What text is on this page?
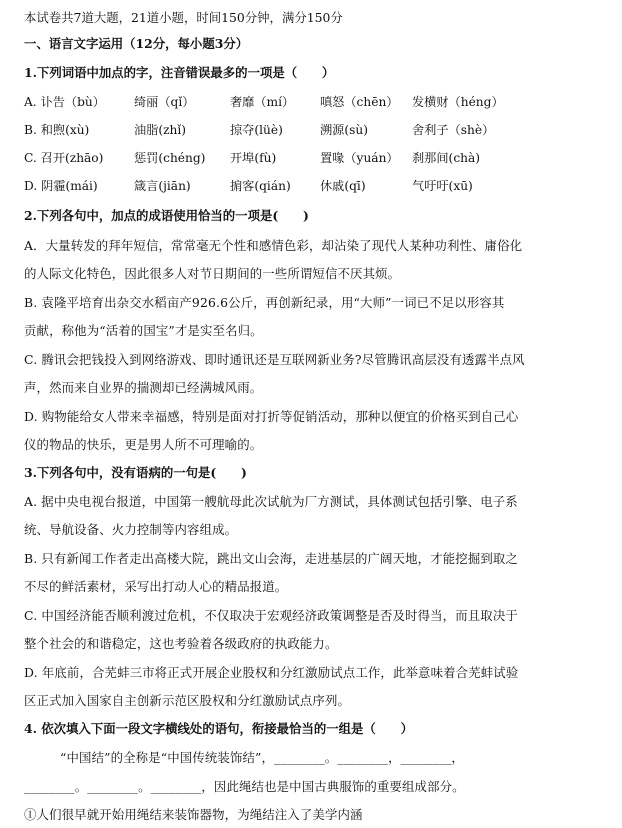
本试卷共7道大题，21道小题，时间150分钟，满分150分
一、语言文字运用（12分，每小题3分）
1.下列词语中加点的字，注音错误最多的一项是（　　）
A. 讣告（bù） 绮丽（qǐ）	奢靡（mí） 嗔怒（chēn） 发横财（héng）
B. 和煦(xù)	油脂(zhǐ)	掠夺(lüè)	溯源(sù)	舍利子（shè）
C. 召开(zhāo)	惩罚(chéng) 开埠(fù)	置喙（yuán） 刹那间(chà)
D. 阴霾(mái)	箴言(jiān)	掮客(qián) 休戚(qī)	气吁吁(xū)
2.下列各句中，加点的成语使用恰当的一项是(　　)
A．大量转发的拜年短信，常常毫无个性和感情色彩，却沾染了现代人某种功利性、庸俗化
的人际文化特色，因此很多人对节日期间的一些所谓短信不厌其烦。
B. 袁隆平培育出杂交水稻亩产926.6公斤，再创新纪录，用“大师”一词已不足以形容其
贡献，称他为“活着的国宝”才是实至名归。
C. 腾讯会把钱投入到网络游戏、即时通讯还是互联网新业务?尽管腾讯高层没有透露半点风
声，然而来自业界的揣测却已经满城风雨。
D. 购物能给女人带来幸福感，特别是面对打折等促销活动，那种以便宜的价格买到自己心
仪的物品的快乐，更是男人所不可理喻的。
3.下列各句中，没有语病的一句是(　　)
A. 据中央电视台报道，中国第一艘航母此次试航为厂方测试，具体测试包括引擎、电子系
统、导航设备、火力控制等内容组成。
B. 只有新闻工作者走出高楼大院，跳出文山会海，走进基层的广阔天地，才能挖掘到取之
不尽的鲜活素材，采写出打动人心的精品报道。
C. 中国经济能否顺利渡过危机，不仅取决于宏观经济政策调整是否及时得当，而且取决于
整个社会的和谐稳定，这也考验着各级政府的执政能力。
D. 年底前，合芜蚌三市将正式开展企业股权和分红激励试点工作，此举意味着合芜蚌试验
区正式加入国家自主创新示范区股权和分红激励试点序列。
4. 依次填入下面一段文字横线处的语句，衔接最恰当的一组是（　　）
“中国结”的全称是“中国传统装饰结”，________。________，________，
________。________。________，因此绳结也是中国古典服饰的重要组成部分。
①人们很早就开始用绳结来装饰器物，为绳结注入了美学内涵
